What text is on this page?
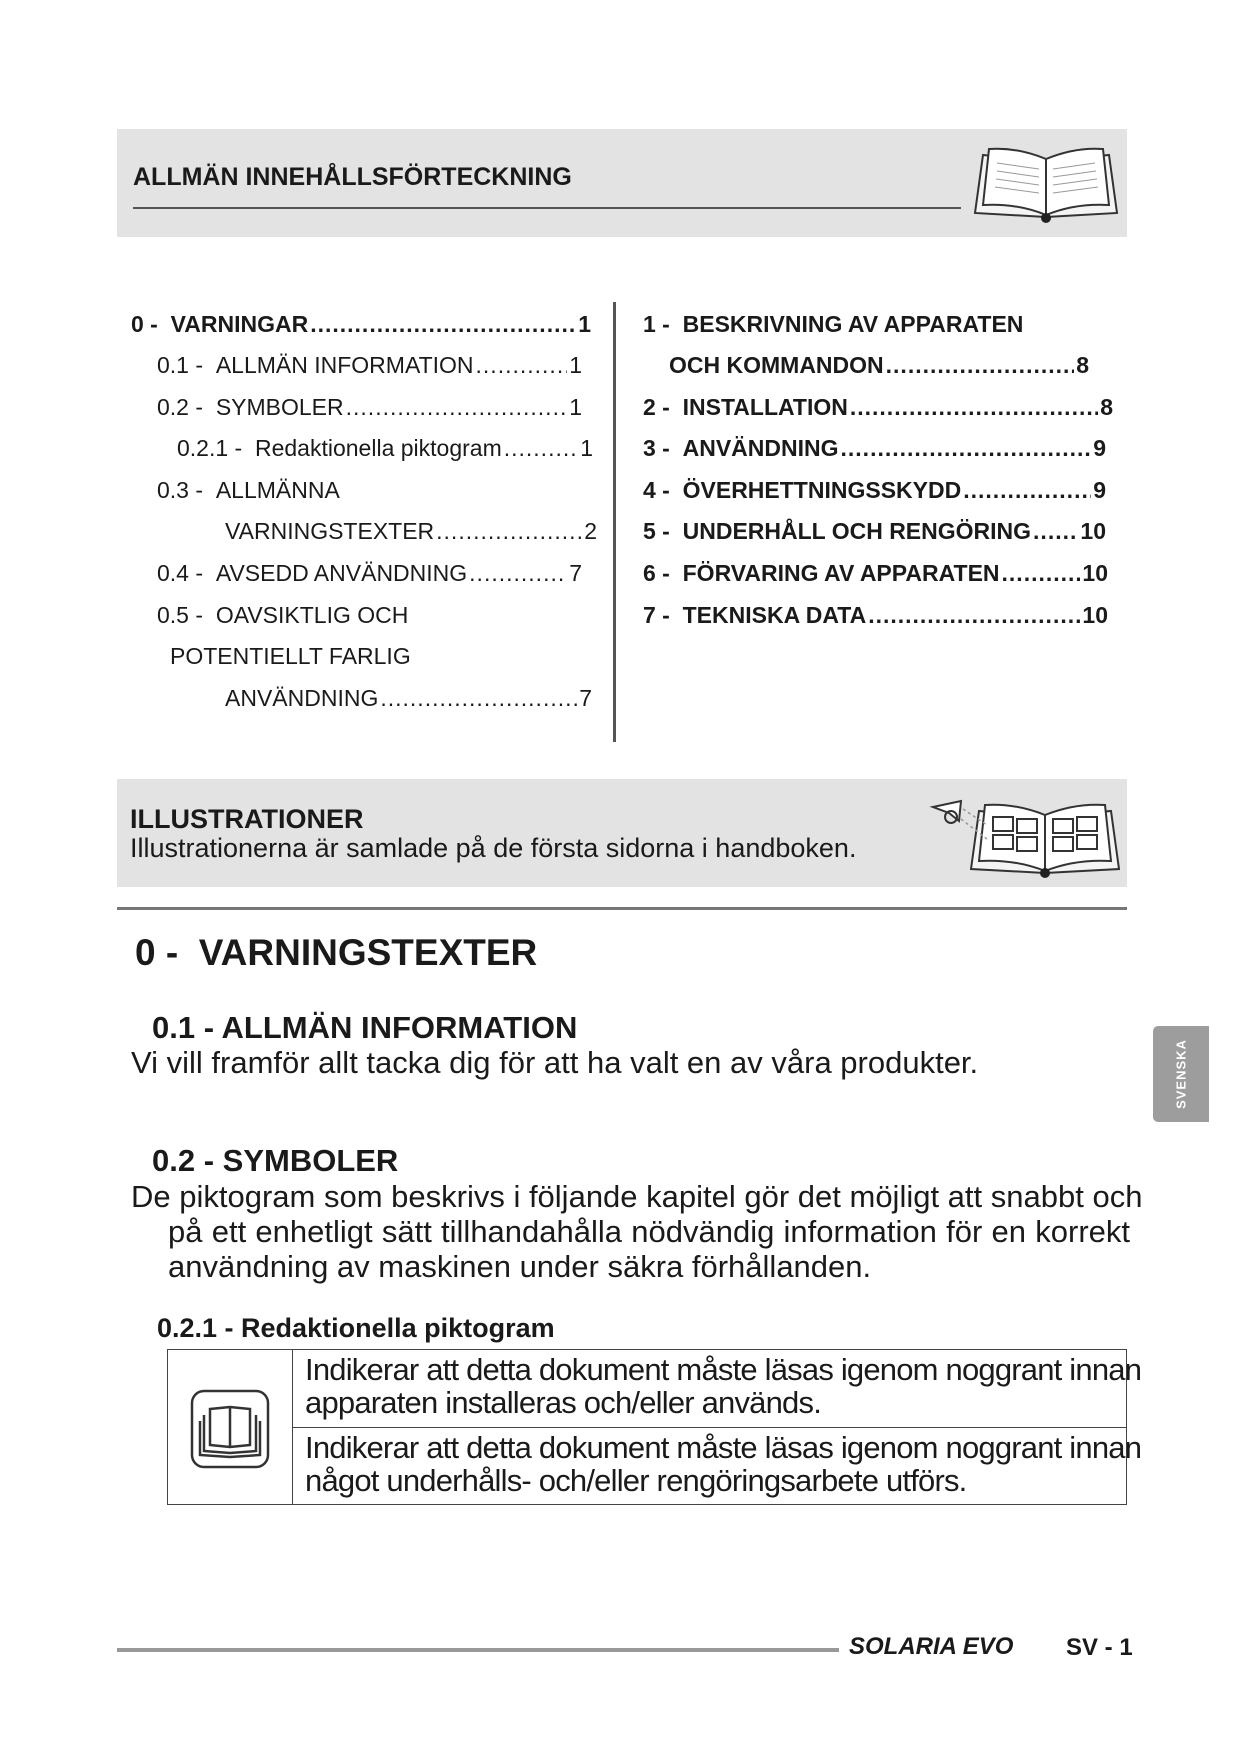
ALLMÄN INNEHÅLLSFÖRTECKNING
0 - VARNINGAR .....	1
0.1 - ALLMÄN INFORMATION .....	1
0.2 - SYMBOLER .....	1
0.2.1 - Redaktionella piktogram .....	1
0.3 - ALLMÄNNA
VARNINGSTEXTER .....	2
0.4 - AVSEDD ANVÄNDNING .....	7
0.5 - OAVSIKTLIG OCH
POTENTIELLT FARLIG
ANVÄNDNING .....	7
1 - BESKRIVNING AV APPARATEN
OCH KOMMANDON .....	8
2 - INSTALLATION .....	8
3 - ANVÄNDNING .....	9
4 - ÖVERHETTNINGSSKYDD .....	9
5 - UNDERHÅLL OCH RENGÖRING ..... 10
6 - FÖRVARING AV APPARATEN .....	10
7 - TEKNISKA DATA .....	10
ILLUSTRATIONER
Illustrationerna är samlade på de första sidorna i handboken.
0 -  VARNINGSTEXTER
0.1 - ALLMÄN INFORMATION
Vi vill framför allt tacka dig för att ha valt en av våra produkter.
0.2 - SYMBOLER
De piktogram som beskrivs i följande kapitel gör det möjligt att snabbt och
på ett enhetligt sätt tillhandahålla nödvändig information för en korrekt
användning av maskinen under säkra förhållanden.
0.2.1 - Redaktionella piktogram
Indikerar att detta dokument måste läsas igenom noggrant innan
apparaten installeras och/eller används.
Indikerar att detta dokument måste läsas igenom noggrant innan
något underhålls- och/eller rengöringsarbete utförs.
SVENSKA
SOLARIA EVO SV - 1
